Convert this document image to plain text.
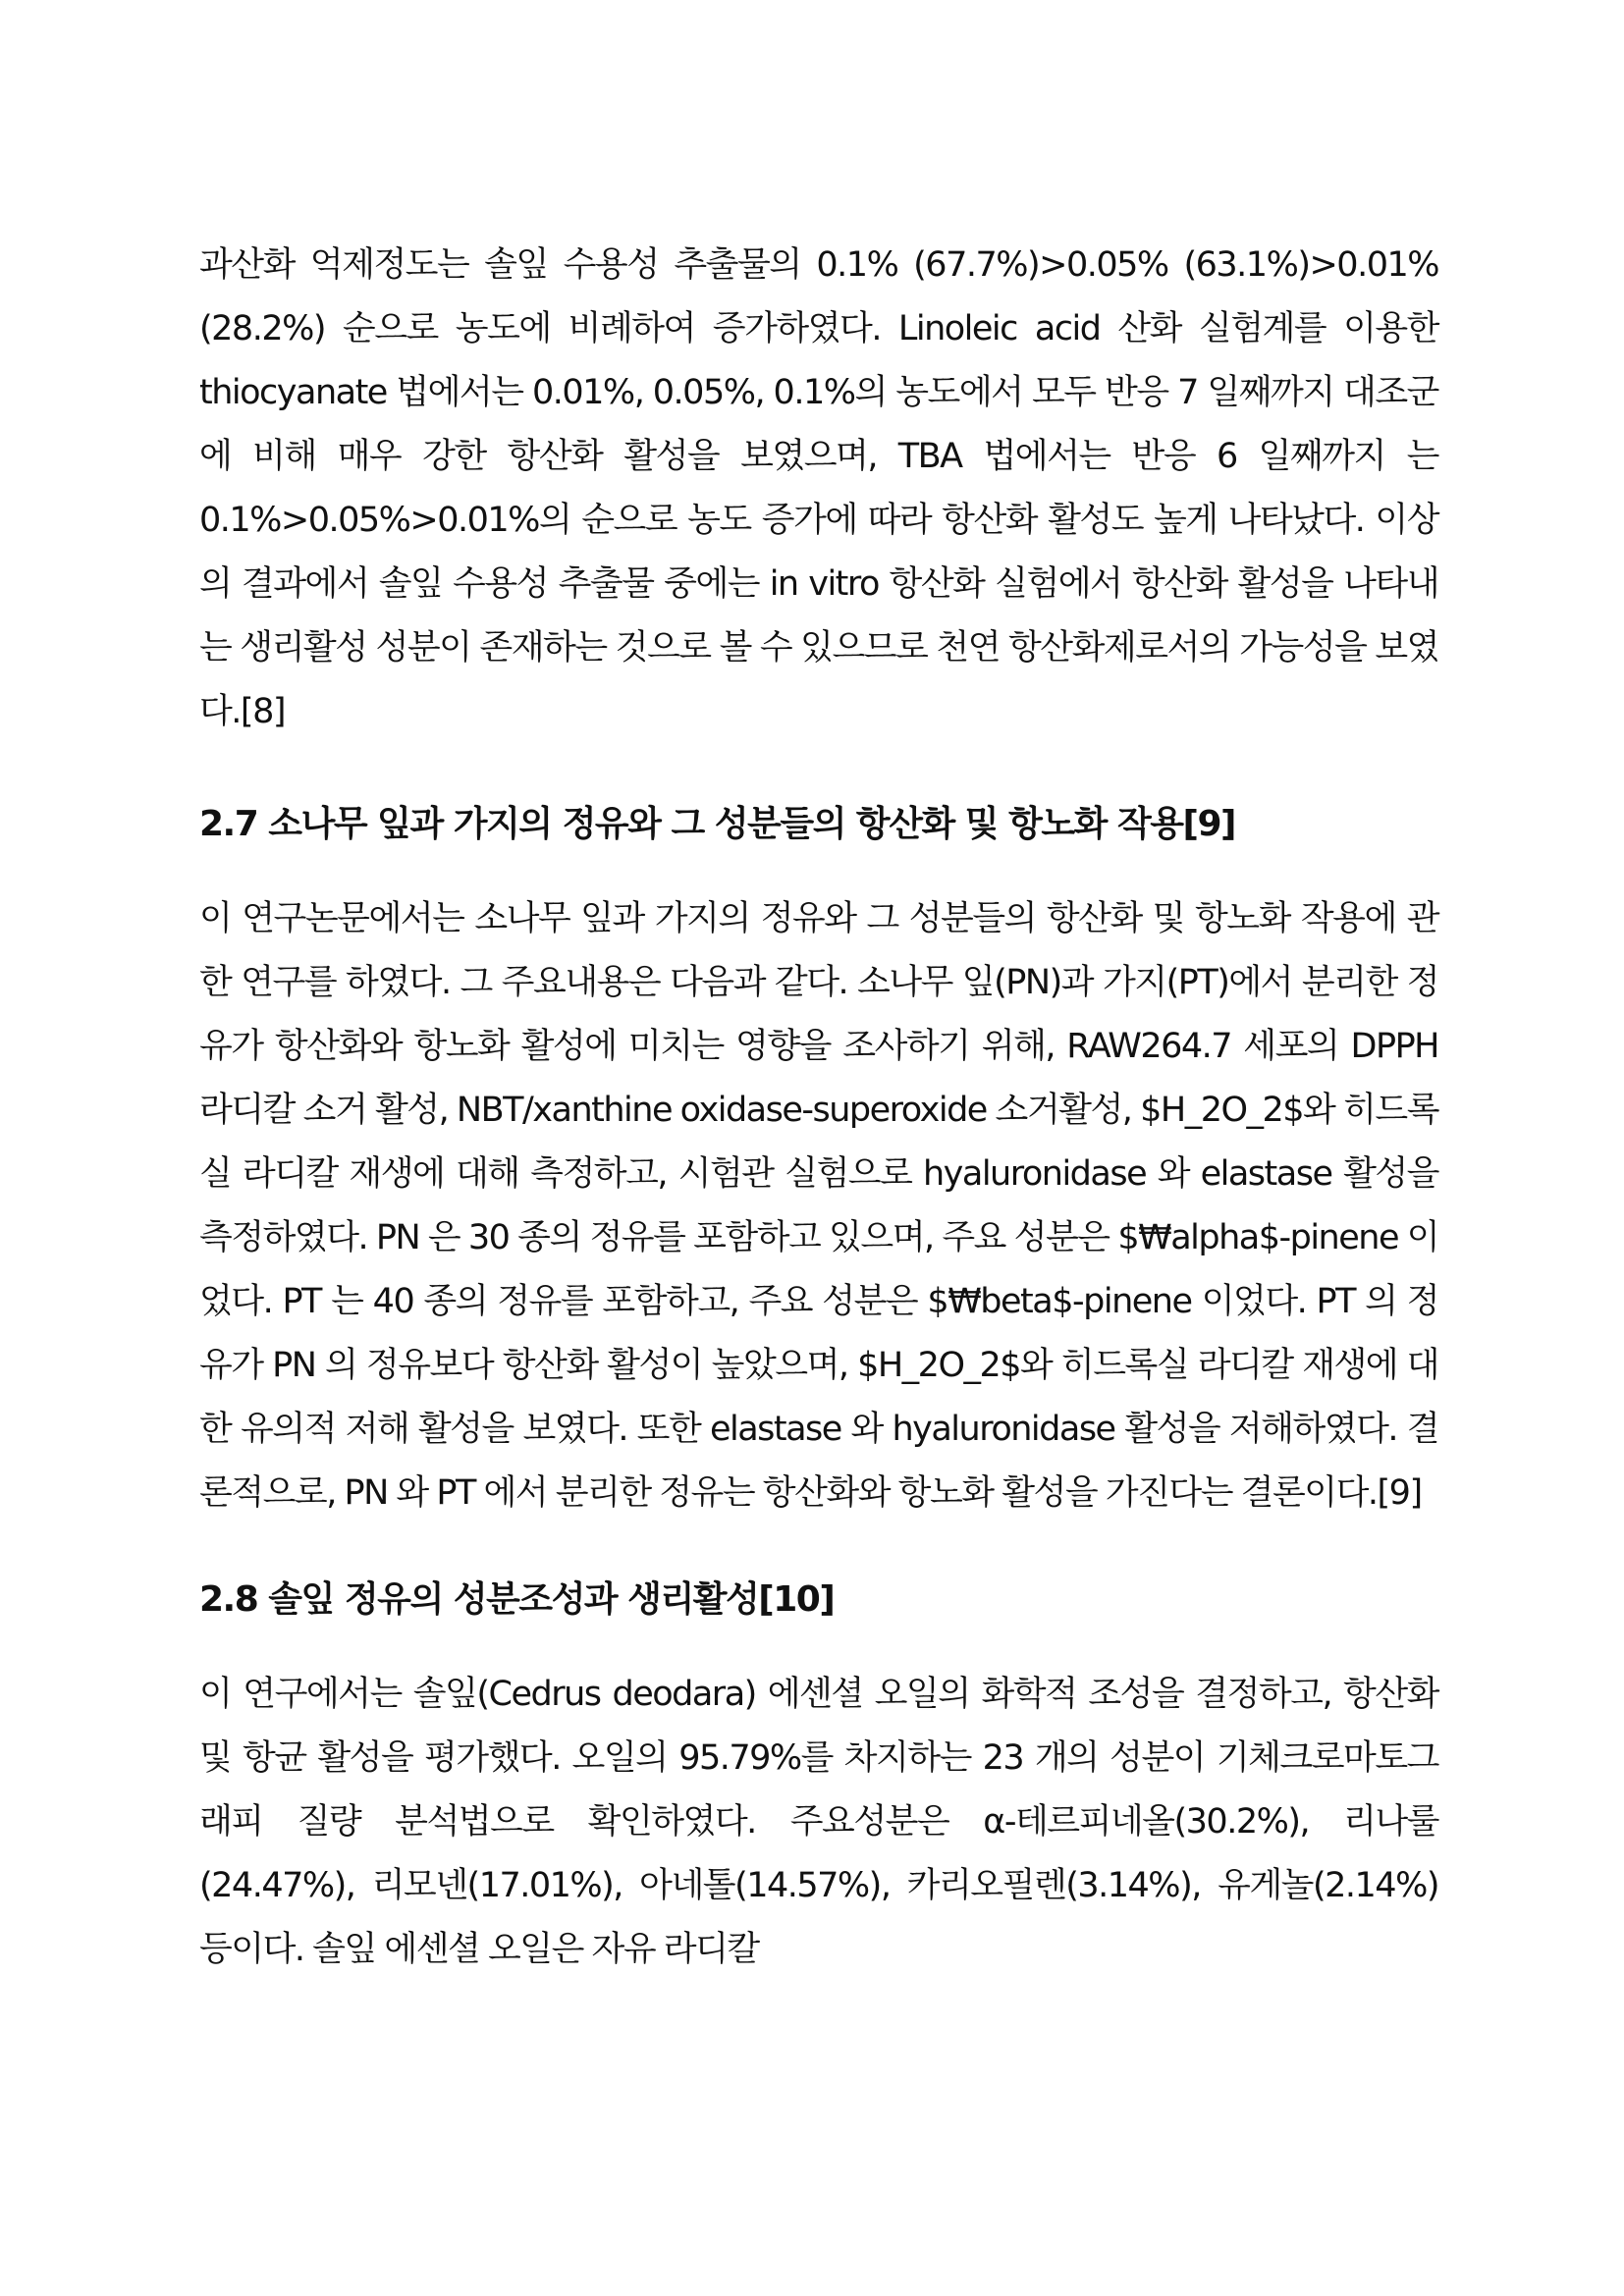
과산화 억제정도는 솔잎 수용성 추출물의 0.1% (67.7%)>0.05% (63.1%)>0.01%(28.2%) 순으로 농도에 비례하여 증가하였다. Linoleic acid 산화 실험계를 이용한 thiocyanate 법에서는 0.01%, 0.05%, 0.1%의 농도에서 모두 반응 7 일째까지 대조군에 비해 매우 강한 항산화 활성을 보였으며, TBA 법에서는 반응 6 일째까지 는 0.1%>0.05%>0.01%의 순으로 농도 증가에 따라 항산화 활성도 높게 나타났다. 이상의 결과에서 솔잎 수용성 추출물 중에는 in vitro 항산화 실험에서 항산화 활성을 나타내는 생리활성 성분이 존재하는 것으로 볼 수 있으므로 천연 항산화제로서의 가능성을 보였다.[8]

2.7 소나무 잎과 가지의 정유와 그 성분들의 항산화 및 항노화 작용[9]

이 연구논문에서는 소나무 잎과 가지의 정유와 그 성분들의 항산화 및 항노화 작용에 관한 연구를 하였다. 그 주요내용은 다음과 같다. 소나무 잎(PN)과 가지(PT)에서 분리한 정유가 항산화와 항노화 활성에 미치는 영향을 조사하기 위해, RAW264.7 세포의 DPPH 라디칼 소거 활성, NBT/xanthine oxidase-superoxide 소거활성, $H_2O_2$와 히드록실 라디칼 재생에 대해 측정하고, 시험관 실험으로 hyaluronidase 와 elastase 활성을 측정하였다. PN 은 30 종의 정유를 포함하고 있으며, 주요 성분은 $₩alpha$-pinene 이었다. PT 는 40 종의 정유를 포함하고, 주요 성분은 $₩beta$-pinene 이었다. PT 의 정유가 PN 의 정유보다 항산화 활성이 높았으며, $H_2O_2$와 히드록실 라디칼 재생에 대한 유의적 저해 활성을 보였다. 또한 elastase 와 hyaluronidase 활성을 저해하였다. 결론적으로, PN 와 PT 에서 분리한 정유는 항산화와 항노화 활성을 가진다는 결론이다.[9]

2.8 솔잎 정유의 성분조성과 생리활성[10]

이 연구에서는 솔잎(Cedrus deodara) 에센셜 오일의 화학적 조성을 결정하고, 항산화 및 항균 활성을 평가했다. 오일의 95.79%를 차지하는 23 개의 성분이 기체크로마토그래피 질량 분석법으로 확인하였다. 주요성분은 α-테르피네올(30.2%), 리나룰(24.47%), 리모넨(17.01%), 아네톨(14.57%), 카리오필렌(3.14%), 유게놀(2.14%) 등이다. 솔잎 에센셜 오일은 자유 라디칼
